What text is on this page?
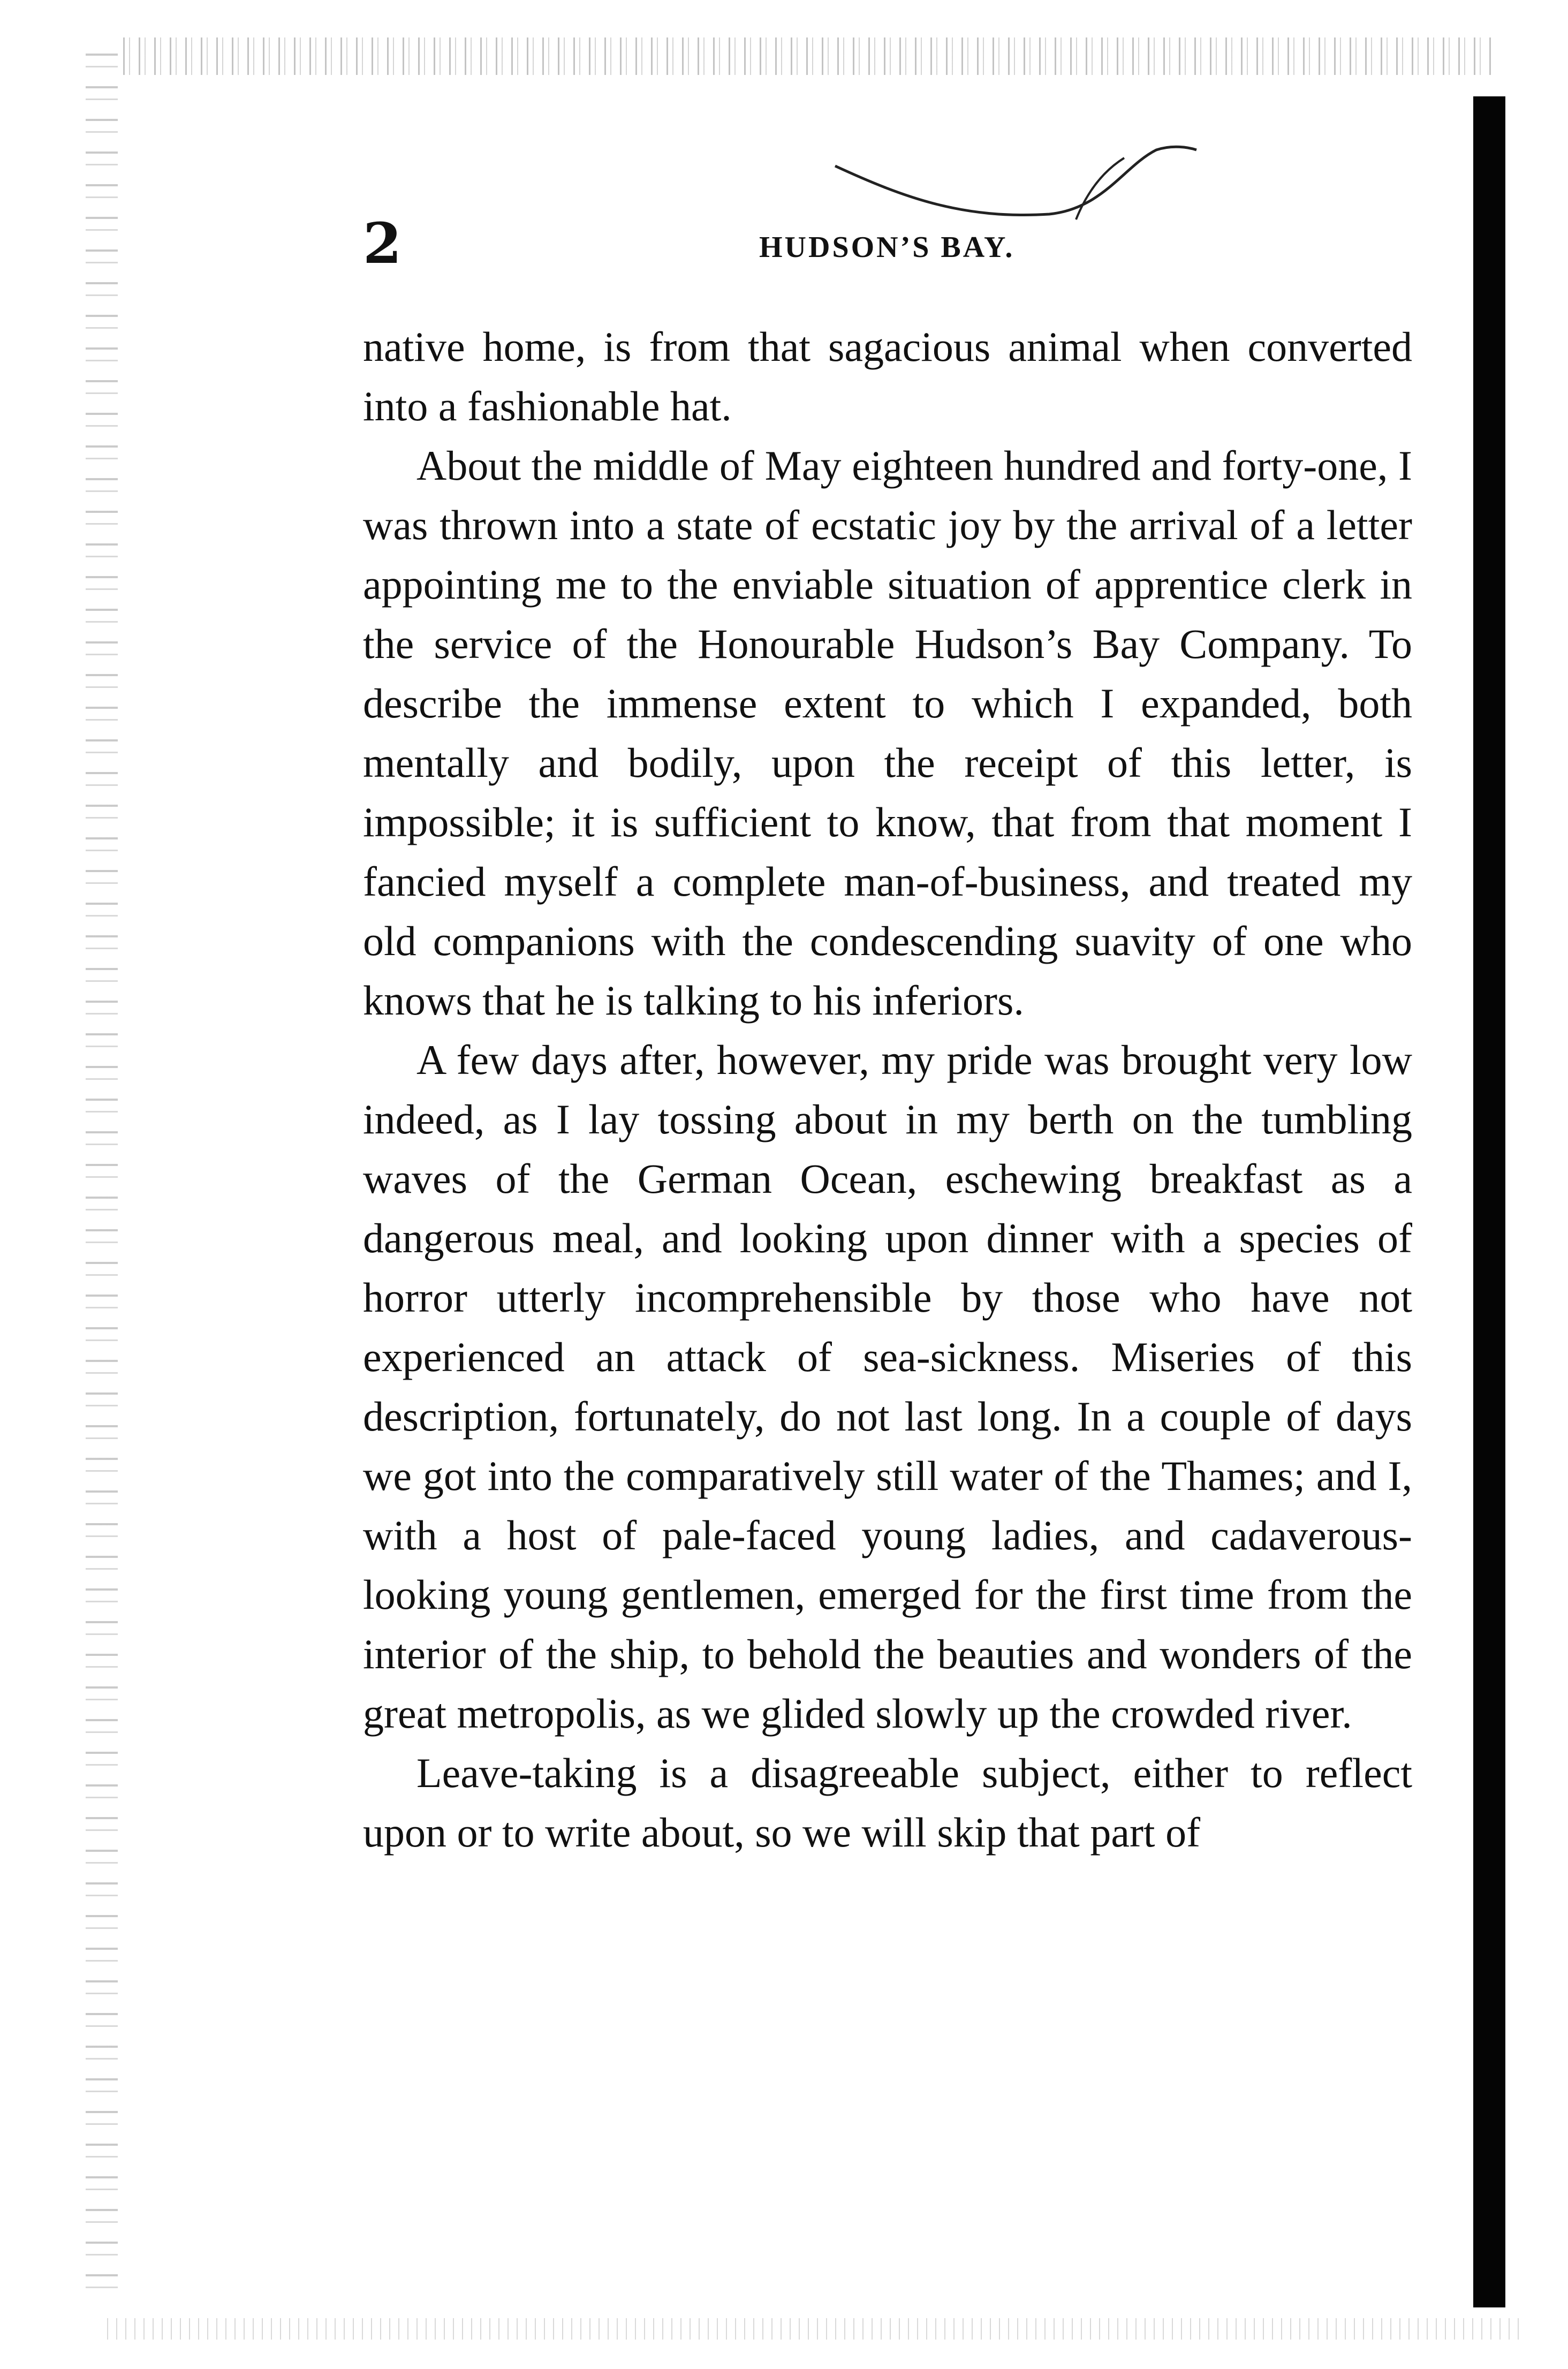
2	HUDSON’S BAY.

native home, is from that sagacious animal when converted into a fashionable hat.

About the middle of May eighteen hundred and forty-one, I was thrown into a state of ecstatic joy by the arrival of a letter appointing me to the enviable situation of apprentice clerk in the service of the Honourable Hudson’s Bay Company. To describe the immense extent to which I expanded, both mentally and bodily, upon the receipt of this letter, is impossible; it is sufficient to know, that from that moment I fancied myself a complete man-of-business, and treated my old companions with the condescending suavity of one who knows that he is talking to his inferiors.

A few days after, however, my pride was brought very low indeed, as I lay tossing about in my berth on the tumbling waves of the German Ocean, eschewing breakfast as a dangerous meal, and looking upon dinner with a species of horror utterly incomprehensible by those who have not experienced an attack of sea-sickness. Miseries of this description, fortunately, do not last long. In a couple of days we got into the comparatively still water of the Thames; and I, with a host of pale-faced young ladies, and cadaverous-looking young gentlemen, emerged for the first time from the interior of the ship, to behold the beauties and wonders of the great metropolis, as we glided slowly up the crowded river.

Leave-taking is a disagreeable subject, either to reflect upon or to write about, so we will skip that part of
